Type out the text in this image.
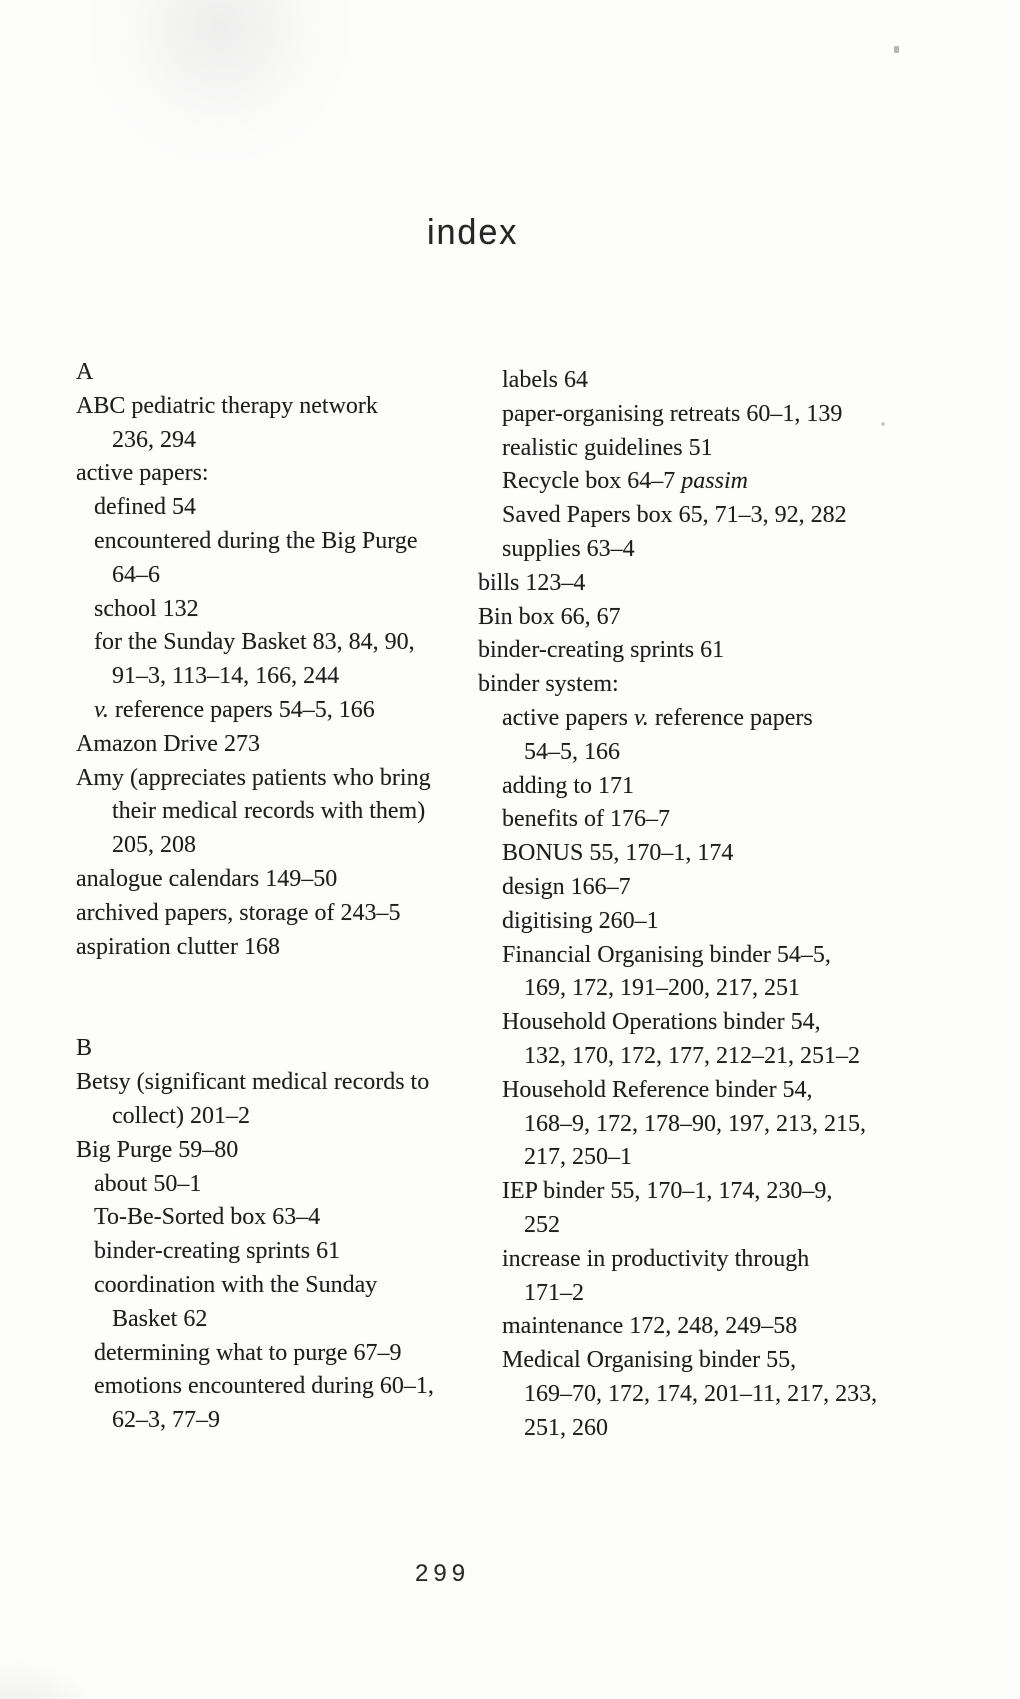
index
A
ABC pediatric therapy network
236, 294
active papers:
defined 54
encountered during the Big Purge
64–6
school 132
for the Sunday Basket 83, 84, 90,
91–3, 113–14, 166, 244
v. reference papers 54–5, 166
Amazon Drive 273
Amy (appreciates patients who bring
their medical records with them)
205, 208
analogue calendars 149–50
archived papers, storage of 243–5
aspiration clutter 168
B
Betsy (significant medical records to
collect) 201–2
Big Purge 59–80
about 50–1
To-Be-Sorted box 63–4
binder-creating sprints 61
coordination with the Sunday
Basket 62
determining what to purge 67–9
emotions encountered during 60–1,
62–3, 77–9
labels 64
paper-organising retreats 60–1, 139
realistic guidelines 51
Recycle box 64–7 passim
Saved Papers box 65, 71–3, 92, 282
supplies 63–4
bills 123–4
Bin box 66, 67
binder-creating sprints 61
binder system:
active papers v. reference papers
54–5, 166
adding to 171
benefits of 176–7
BONUS 55, 170–1, 174
design 166–7
digitising 260–1
Financial Organising binder 54–5,
169, 172, 191–200, 217, 251
Household Operations binder 54,
132, 170, 172, 177, 212–21, 251–2
Household Reference binder 54,
168–9, 172, 178–90, 197, 213, 215,
217, 250–1
IEP binder 55, 170–1, 174, 230–9,
252
increase in productivity through
171–2
maintenance 172, 248, 249–58
Medical Organising binder 55,
169–70, 172, 174, 201–11, 217, 233,
251, 260
299
